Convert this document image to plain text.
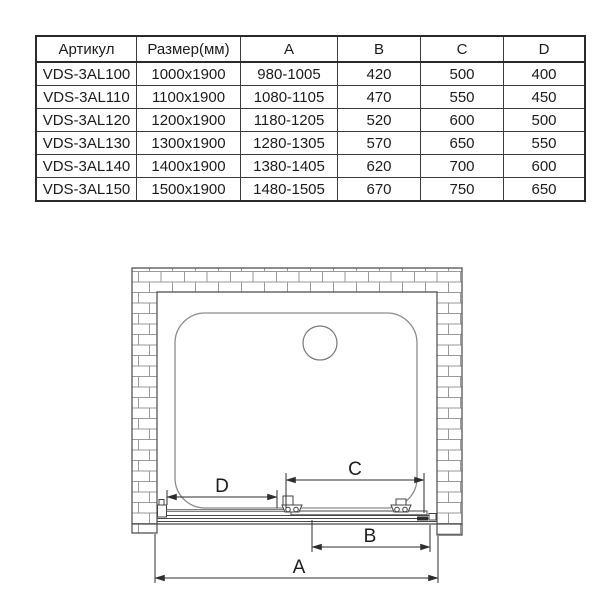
Артикул	Размер(мм)	A	B	C	D
VDS-3AL100	1000x1900	980-1005	420	500	400
VDS-3AL110	1100x1900	1080-1105	470	550	450
VDS-3AL120	1200x1900	1180-1205	520	600	500
VDS-3AL130	1300x1900	1280-1305	570	650	550
VDS-3AL140	1400x1900	1380-1405	620	700	600
VDS-3AL150	1500x1900	1480-1505	670	750	650
D
C
B
A
